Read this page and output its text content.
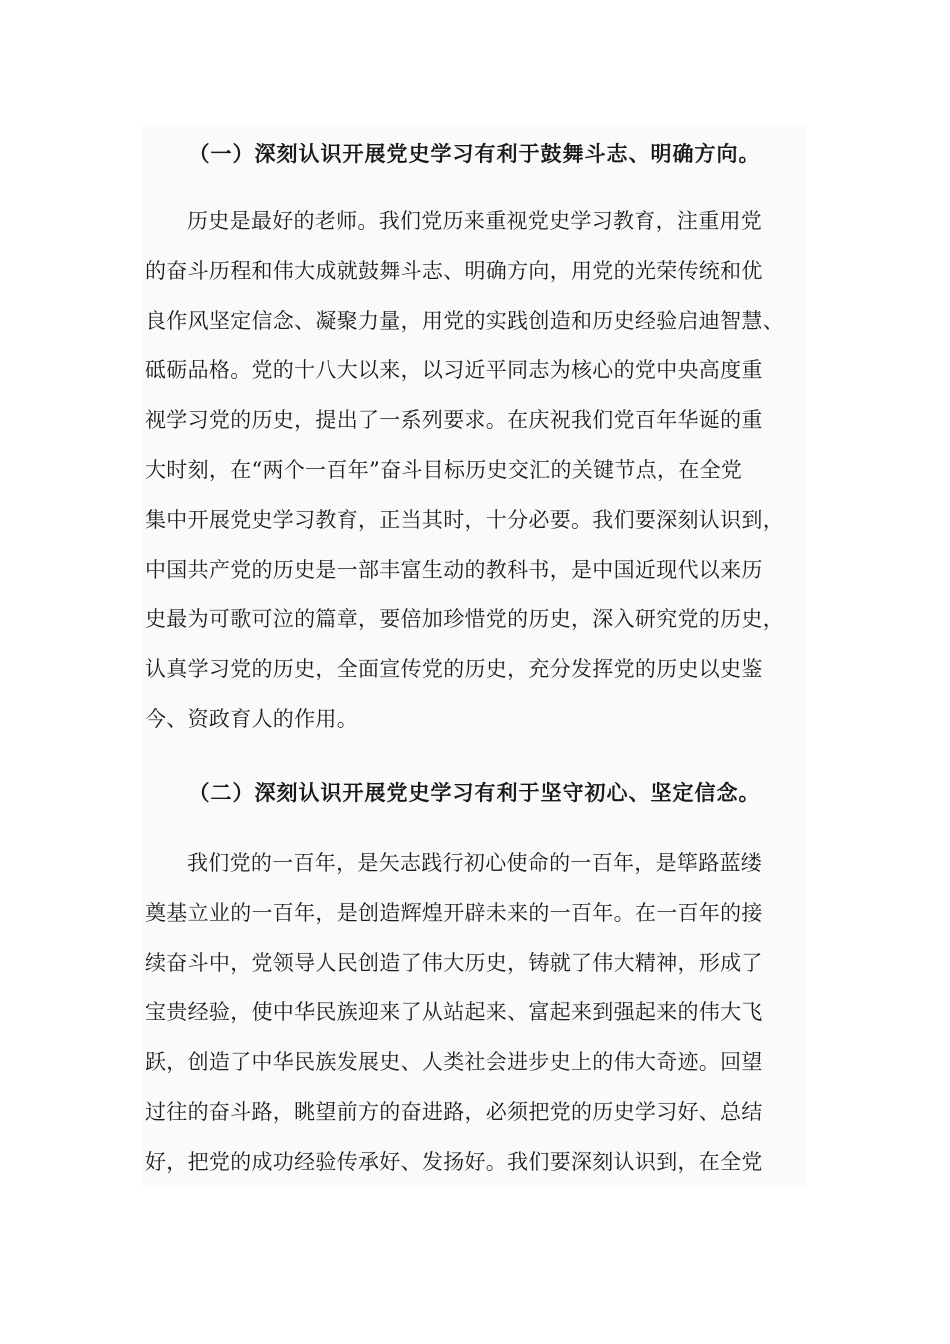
（一）深刻认识开展党史学习有利于鼓舞斗志、明确方向。
历史是最好的老师。我们党历来重视党史学习教育，注重用党
的奋斗历程和伟大成就鼓舞斗志、明确方向，用党的光荣传统和优
良作风坚定信念、凝聚力量，用党的实践创造和历史经验启迪智慧、
砥砺品格。党的十八大以来，以习近平同志为核心的党中央高度重
视学习党的历史，提出了一系列要求。在庆祝我们党百年华诞的重
大时刻，在“两个一百年”奋斗目标历史交汇的关键节点，在全党
集中开展党史学习教育，正当其时，十分必要。我们要深刻认识到，
中国共产党的历史是一部丰富生动的教科书，是中国近现代以来历
史最为可歌可泣的篇章，要倍加珍惜党的历史，深入研究党的历史，
认真学习党的历史，全面宣传党的历史，充分发挥党的历史以史鉴
今、资政育人的作用。
（二）深刻认识开展党史学习有利于坚守初心、坚定信念。
我们党的一百年，是矢志践行初心使命的一百年，是筚路蓝缕
奠基立业的一百年，是创造辉煌开辟未来的一百年。在一百年的接
续奋斗中，党领导人民创造了伟大历史，铸就了伟大精神，形成了
宝贵经验，使中华民族迎来了从站起来、富起来到强起来的伟大飞
跃，创造了中华民族发展史、人类社会进步史上的伟大奇迹。回望
过往的奋斗路，眺望前方的奋进路，必须把党的历史学习好、总结
好，把党的成功经验传承好、发扬好。我们要深刻认识到，在全党
